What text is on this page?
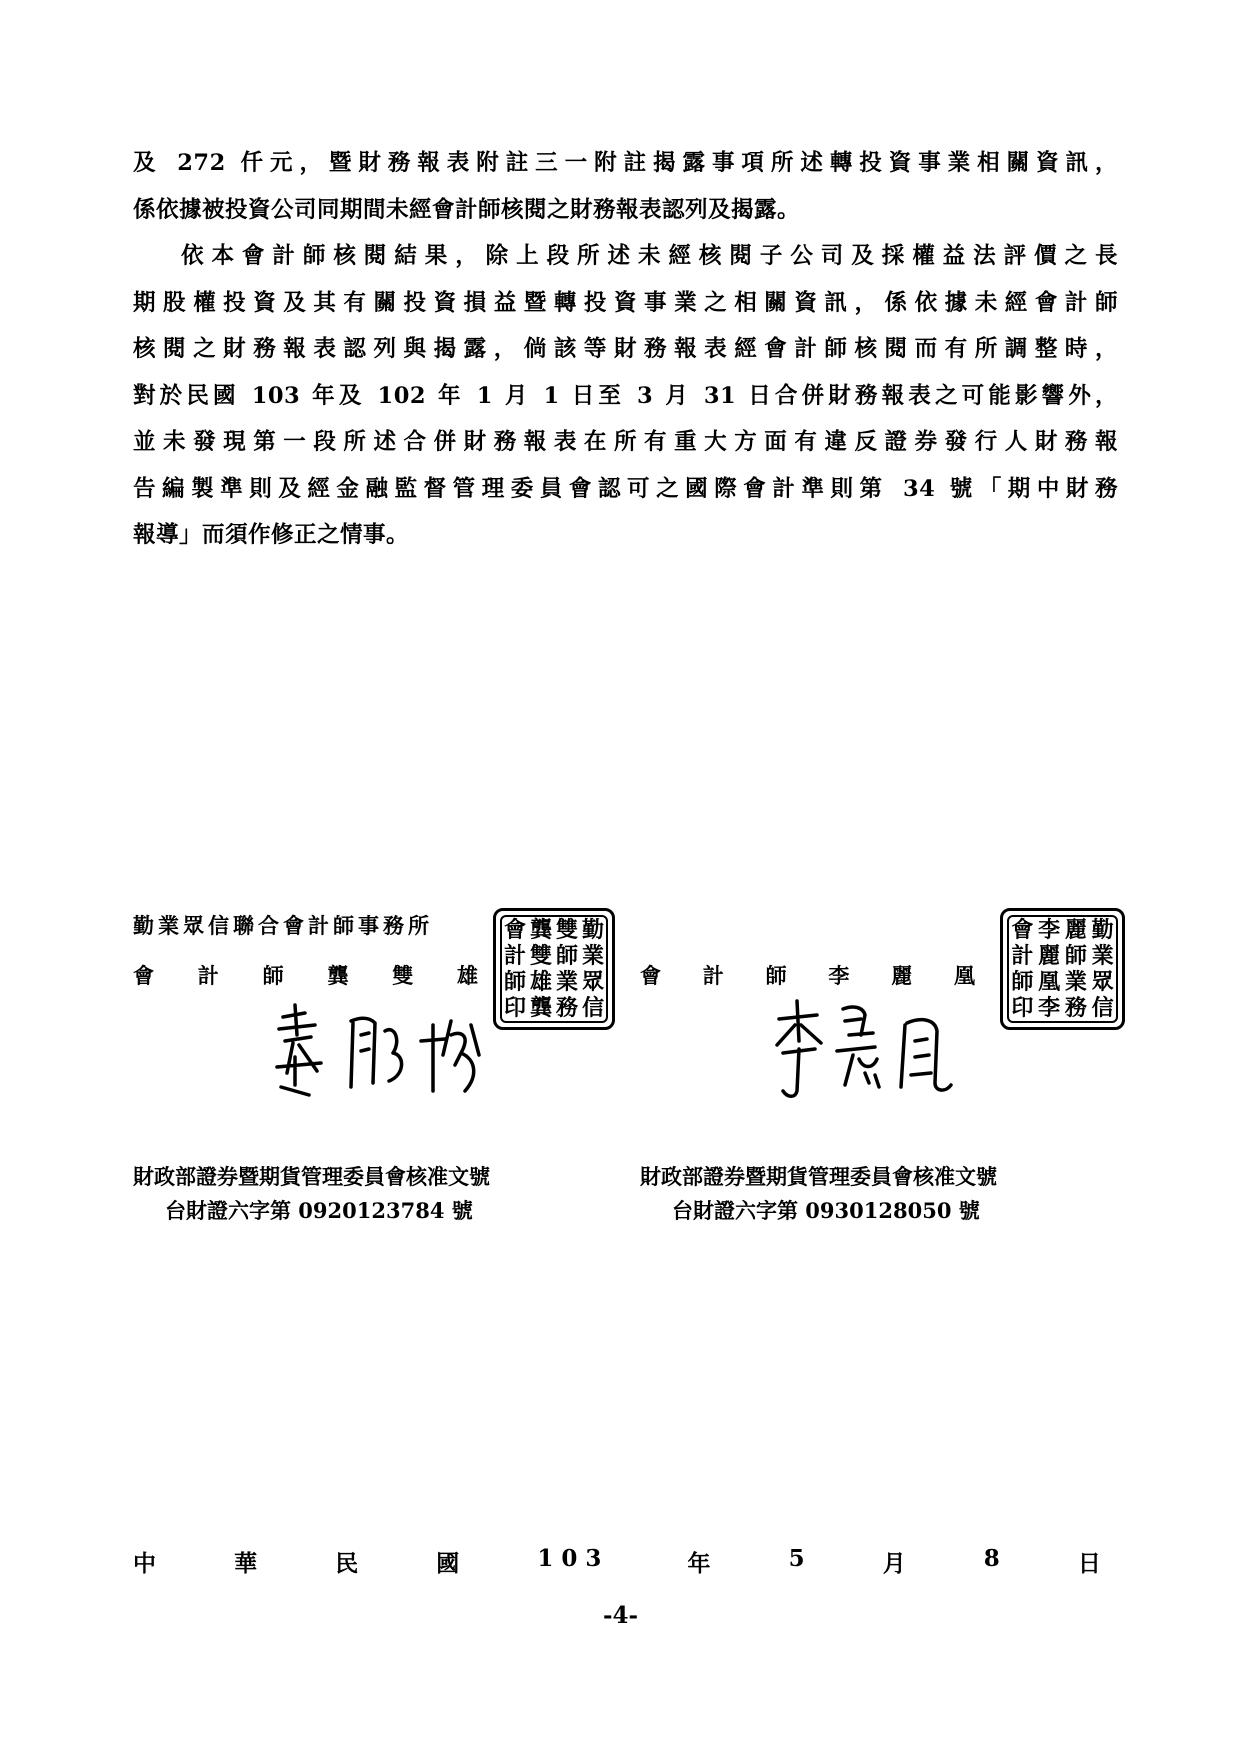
及 272 仟元，暨財務報表附註三一附註揭露事項所述轉投資事業相關資訊，
係依據被投資公司同期間未經會計師核閱之財務報表認列及揭露。
依本會計師核閱結果，除上段所述未經核閱子公司及採權益法評價之長
期股權投資及其有關投資損益暨轉投資事業之相關資訊，係依據未經會計師
核閱之財務報表認列與揭露，倘該等財務報表經會計師核閱而有所調整時，
對於民國 103 年及 102 年 1 月 1 日至 3 月 31 日合併財務報表之可能影響外，
並未發現第一段所述合併財務報表在所有重大方面有違反證券發行人財務報
告編製準則及經金融監督管理委員會認可之國際會計準則第 34 號「期中財務
報導」而須作修正之情事。
勤業眾信聯合會計師事務所
會 計 師 龔 雙 雄
會 龔 雙 勤
計 雙 師 業
師 雄 業 眾
印 龔 務 信
會 計 師 李 麗 凰
會 李 麗 勤
計 麗 師 業
師 凰 業 眾
印 李 務 信
財政部證券暨期貨管理委員會核准文號
台財證六字第 0920123784 號
財政部證券暨期貨管理委員會核准文號
台財證六字第 0930128050 號
中	華	民	國	103	年	5	月	8	日
-4-
